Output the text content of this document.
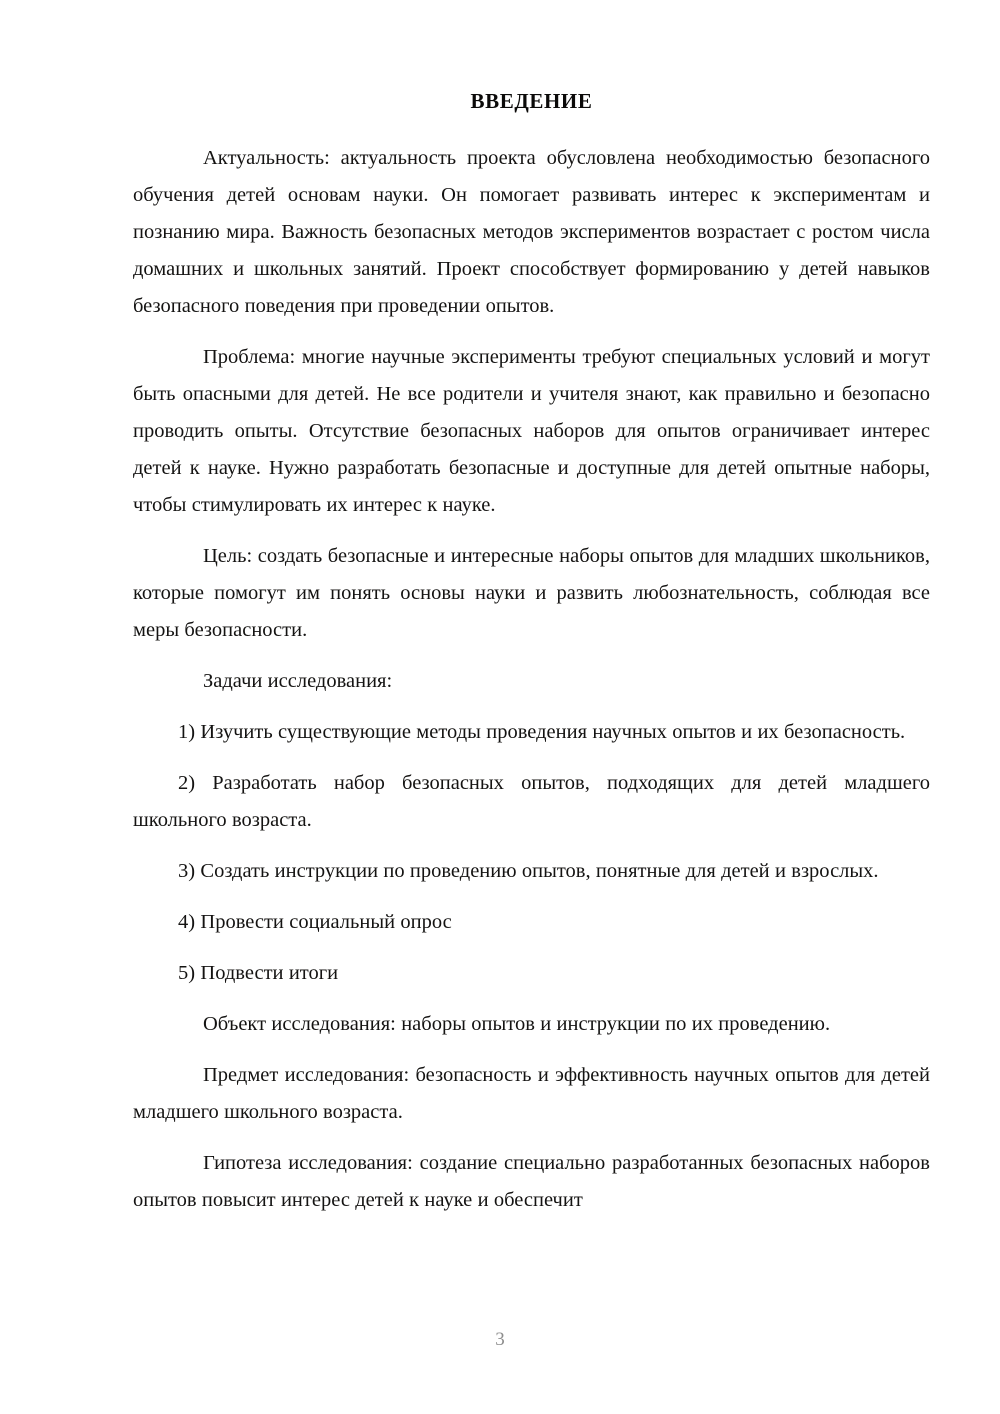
ВВЕДЕНИЕ

Актуальность: актуальность проекта обусловлена необходимостью безопасного обучения детей основам науки. Он помогает развивать интерес к экспериментам и познанию мира. Важность безопасных методов экспериментов возрастает с ростом числа домашних и школьных занятий. Проект способствует формированию у детей навыков безопасного поведения при проведении опытов.

Проблема: многие научные эксперименты требуют специальных условий и могут быть опасными для детей. Не все родители и учителя знают, как правильно и безопасно проводить опыты. Отсутствие безопасных наборов для опытов ограничивает интерес детей к науке. Нужно разработать безопасные и доступные для детей опытные наборы, чтобы стимулировать их интерес к науке.

Цель: создать безопасные и интересные наборы опытов для младших школьников, которые помогут им понять основы науки и развить любознательность, соблюдая все меры безопасности.

Задачи исследования:

1) Изучить существующие методы проведения научных опытов и их безопасность.

2) Разработать набор безопасных опытов, подходящих для детей младшего школьного возраста.

3) Создать инструкции по проведению опытов, понятные для детей и взрослых.

4) Провести социальный опрос

5) Подвести итоги

Объект исследования: наборы опытов и инструкции по их проведению.

Предмет исследования: безопасность и эффективность научных опытов для детей младшего школьного возраста.

Гипотеза исследования: создание специально разработанных безопасных наборов опытов повысит интерес детей к науке и обеспечит

3
